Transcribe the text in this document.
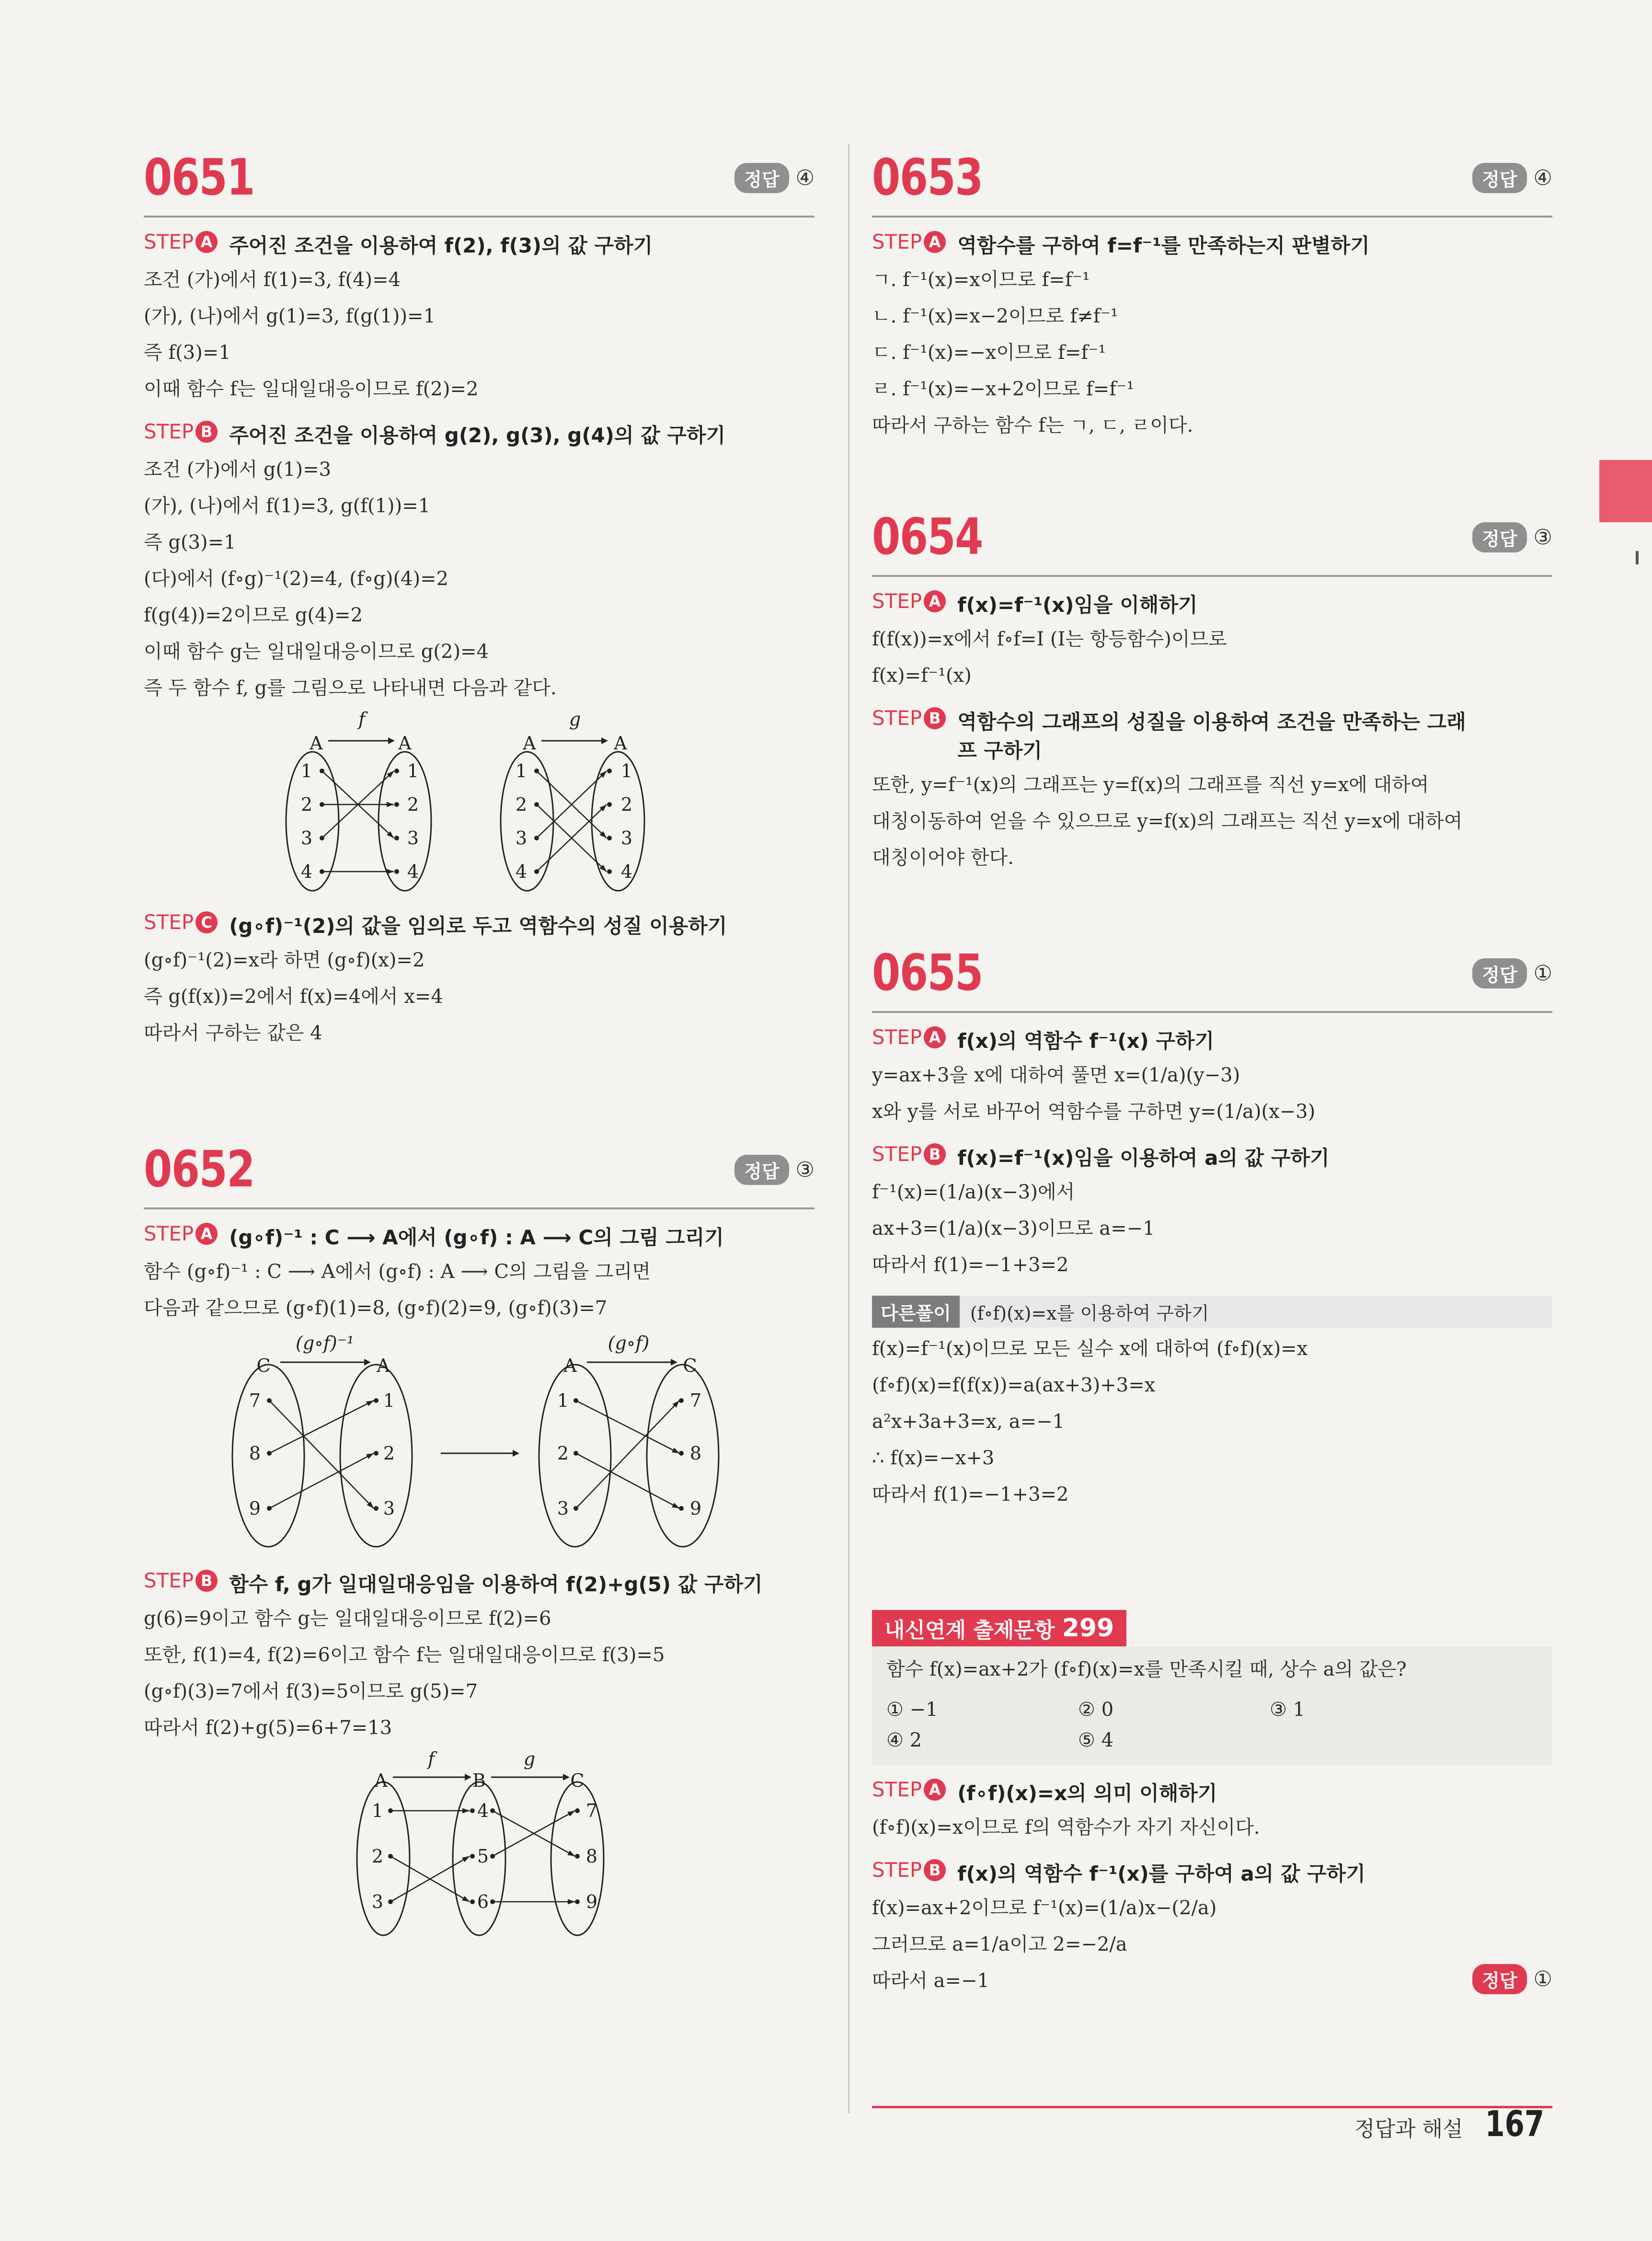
0651	정답 ④
STEP A 주어진 조건을 이용하여 f(2), f(3)의 값 구하기
조건 (가)에서 f(1)=3, f(4)=4
(가), (나)에서 g(1)=3, f(g(1))=1
즉 f(3)=1
이때 함수 f는 일대일대응이므로 f(2)=2
STEP B 주어진 조건을 이용하여 g(2), g(3), g(4)의 값 구하기
조건 (가)에서 g(1)=3
(가), (나)에서 f(1)=3, g(f(1))=1
즉 g(3)=1
(다)에서 (f∘g)⁻¹(2)=4, (f∘g)(4)=2
f(g(4))=2이므로 g(4)=2
이때 함수 g는 일대일대응이므로 g(2)=4
즉 두 함수 f, g를 그림으로 나타내면 다음과 같다.
A	A
f
A	A
g
1	1
2	2
3	3
4	4
1	1
2	2
3	3
4	4
STEP C (g∘f)⁻¹(2)의 값을 임의로 두고 역함수의 성질 이용하기
(g∘f)⁻¹(2)=x라 하면 (g∘f)(x)=2
즉 g(f(x))=2에서 f(x)=4에서 x=4
따라서 구하는 값은 4
0652	정답 ③
STEP A (g∘f)⁻¹ : C ⟶ A에서 (g∘f) : A ⟶ C의 그림 그리기
함수 (g∘f)⁻¹ : C ⟶ A에서 (g∘f) : A ⟶ C의 그림을 그리면
다음과 같으므로 (g∘f)(1)=8, (g∘f)(2)=9, (g∘f)(3)=7
C	A	A	C
(g∘f)⁻¹	(g∘f)
7
8
9
1
2
3
1
2
3
7
8
9
STEP B 함수 f, g가 일대일대응임을 이용하여 f(2)+g(5) 값 구하기
g(6)=9이고 함수 g는 일대일대응이므로 f(2)=6
또한, f(1)=4, f(2)=6이고 함수 f는 일대일대응이므로 f(3)=5
(g∘f)(3)=7에서 f(3)=5이므로 g(5)=7
따라서 f(2)+g(5)=6+7=13
A	B	C
f	g
1
2
3
4
5
6
7
8
9
0653	정답 ④
STEP A 역함수를 구하여 f=f⁻¹를 만족하는지 판별하기
ㄱ. f⁻¹(x)=x이므로 f=f⁻¹
ㄴ. f⁻¹(x)=x−2이므로 f≠f⁻¹
ㄷ. f⁻¹(x)=−x이므로 f=f⁻¹
ㄹ. f⁻¹(x)=−x+2이므로 f=f⁻¹
따라서 구하는 함수 f는 ㄱ, ㄷ, ㄹ이다.
0654	정답 ③
STEP A f(x)=f⁻¹(x)임을 이해하기
f(f(x))=x에서 f∘f=I (I는 항등함수)이므로
f(x)=f⁻¹(x)
STEP B 역함수의 그래프의 성질을 이용하여 조건을 만족하는 그래프 구하기
또한, y=f⁻¹(x)의 그래프는 y=f(x)의 그래프를 직선 y=x에 대하여
대칭이동하여 얻을 수 있으므로 y=f(x)의 그래프는 직선 y=x에 대하여
대칭이어야 한다.
0655	정답 ①
STEP A f(x)의 역함수 f⁻¹(x) 구하기
y=ax+3을 x에 대하여 풀면 x=(1/a)(y−3)
x와 y를 서로 바꾸어 역함수를 구하면 y=(1/a)(x−3)
STEP B f(x)=f⁻¹(x)임을 이용하여 a의 값 구하기
f⁻¹(x)=(1/a)(x−3)에서
ax+3=(1/a)(x−3)이므로 a=−1
따라서 f(1)=−1+3=2
다른풀이	(f∘f)(x)=x를 이용하여 구하기
f(x)=f⁻¹(x)이므로 모든 실수 x에 대하여 (f∘f)(x)=x
(f∘f)(x)=f(f(x))=a(ax+3)+3=x
a²x+3a+3=x, a=−1
∴ f(x)=−x+3
따라서 f(1)=−1+3=2
내신연계 출제문항
299
함수 f(x)=ax+2가 (f∘f)(x)=x를 만족시킬 때, 상수 a의 값은?
① −1	② 0	③ 1
④ 2	⑤ 4
STEP A (f∘f)(x)=x의 의미 이해하기
(f∘f)(x)=x이므로 f의 역함수가 자기 자신이다.
STEP B f(x)의 역함수 f⁻¹(x)를 구하여 a의 값 구하기
f(x)=ax+2이므로 f⁻¹(x)=(1/a)x−(2/a)
그러므로 a=1/a이고 2=−2/a
따라서 a=−1	정답 ①
정답과 해설 167
